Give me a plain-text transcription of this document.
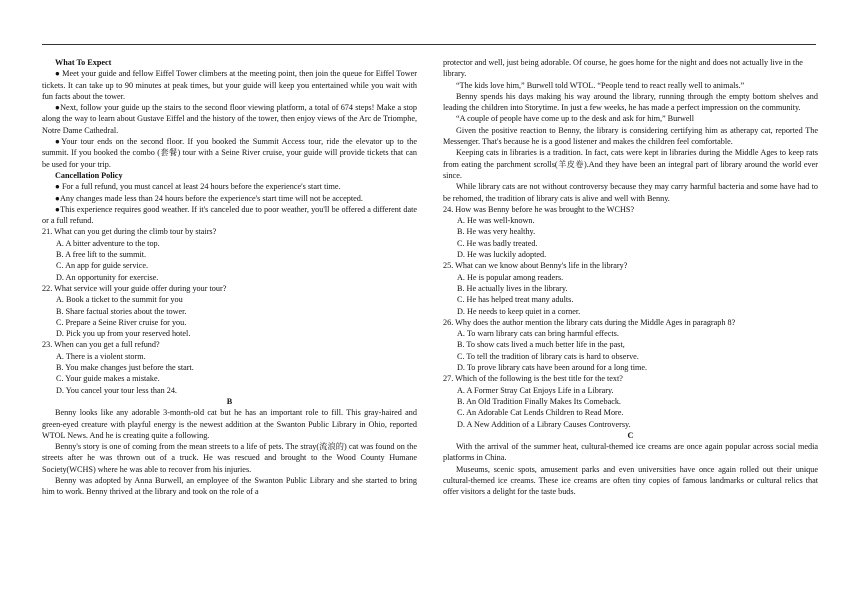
What To Expect
● Meet your guide and fellow Eiffel Tower climbers at the meeting point, then join the queue for Eiffel Tower tickets. It can take up to 90 minutes at peak times, but your guide will keep you entertained while you wait with fun facts about the tower.
●Next, follow your guide up the stairs to the second floor viewing platform, a total of 674 steps! Make a stop along the way to learn about Gustave Eiffel and the history of the tower, then enjoy views of the Arc de Triomphe, Notre Dame Cathedral.
●Your tour ends on the second floor. If you booked the Summit Access tour, ride the elevator up to the summit. If you booked the combo (套餐) tour with a Seine River cruise, your guide will provide tickets that can be used for your trip.
Cancellation Policy
● For a full refund, you must cancel at least 24 hours before the experience's start time.
●Any changes made less than 24 hours before the experience's start time will not be accepted.
●This experience requires good weather. If it's canceled due to poor weather, you'll be offered a different date or a full refund.
21. What can you get during the climb tour by stairs?
A. A bitter adventure to the top.
B. A free lift to the summit.
C. An app for guide service.
D. An opportunity for exercise.
22. What service will your guide offer during your tour?
A. Book a ticket to the summit for you
B. Share factual stories about the tower.
C. Prepare a Seine River cruise for you.
D. Pick you up from your reserved hotel.
23. When can you get a full refund?
A. There is a violent storm.
B. You make changes just before the start.
C. Your guide makes a mistake.
D. You cancel your tour less than 24.
B
Benny looks like any adorable 3-month-old cat but he has an important role to fill. This gray-haired and green-eyed creature with playful energy is the newest addition at the Swanton Public Library in Ohio, reported WTOL News. And he is creating quite a following.
Benny's story is one of coming from the mean streets to a life of pets. The stray(流浪的) cat was found on the streets after he was thrown out of a truck. He was rescued and brought to the Wood County Humane Society(WCHS) where he was able to recover from his injuries.
Benny was adopted by Anna Burwell, an employee of the Swanton Public Library and she started to bring him to work. Benny thrived at the library and took on the role of a
protector and well, just being adorable. Of course, he goes home for the night and does not actually live in the library.
“The kids love him,” Burwell told WTOL. “People tend to react really well to animals.”
Benny spends his days making his way around the library, running through the empty bottom shelves and leading the children into Storytime. In just a few weeks, he has made a perfect impression on the community.
“A couple of people have come up to the desk and ask for him,” Burwell
Given the positive reaction to Benny, the library is considering certifying him as atherapy cat, reported The Messenger. That's because he is a good listener and makes the children feel comfortable.
Keeping cats in libraries is a tradition. In fact, cats were kept in libraries during the Middle Ages to keep rats from eating the parchment scrolls(羊皮卷).And they have been an integral part of library around the world ever since.
While library cats are not without controversy because they may carry harmful bacteria and some have had to be rehomed, the tradition of library cats is alive and well with Benny.
24. How was Benny before he was brought to the WCHS?
A. He was well-known.
B. He was very healthy.
C. He was badly treated.
D. He was luckily adopted.
25. What can we know about Benny's life in the library?
A. He is popular among readers.
B. He actually lives in the library.
C. He has helped treat many adults.
D. He needs to keep quiet in a corner.
26. Why does the author mention the library cats during the Middle Ages in paragraph 8?
A. To warn library cats can bring harmful effects.
B. To show cats lived a much better life in the past,
C. To tell the tradition of library cats is hard to observe.
D. To prove library cats have been around for a long time.
27. Which of the following is the best title for the text?
A. A Former Stray Cat Enjoys Life in a Library.
B. An Old Tradition Finally Makes Its Comeback.
C. An Adorable Cat Lends Children to Read More.
D. A New Addition of a Library Causes Controversy.
C
With the arrival of the summer heat, cultural-themed ice creams are once again popular across social media platforms in China.
Museums, scenic spots, amusement parks and even universities have once again rolled out their unique cultural-themed ice creams. These ice creams are often tiny copies of famous landmarks or cultural relics that offer visitors a delight for the taste buds.
